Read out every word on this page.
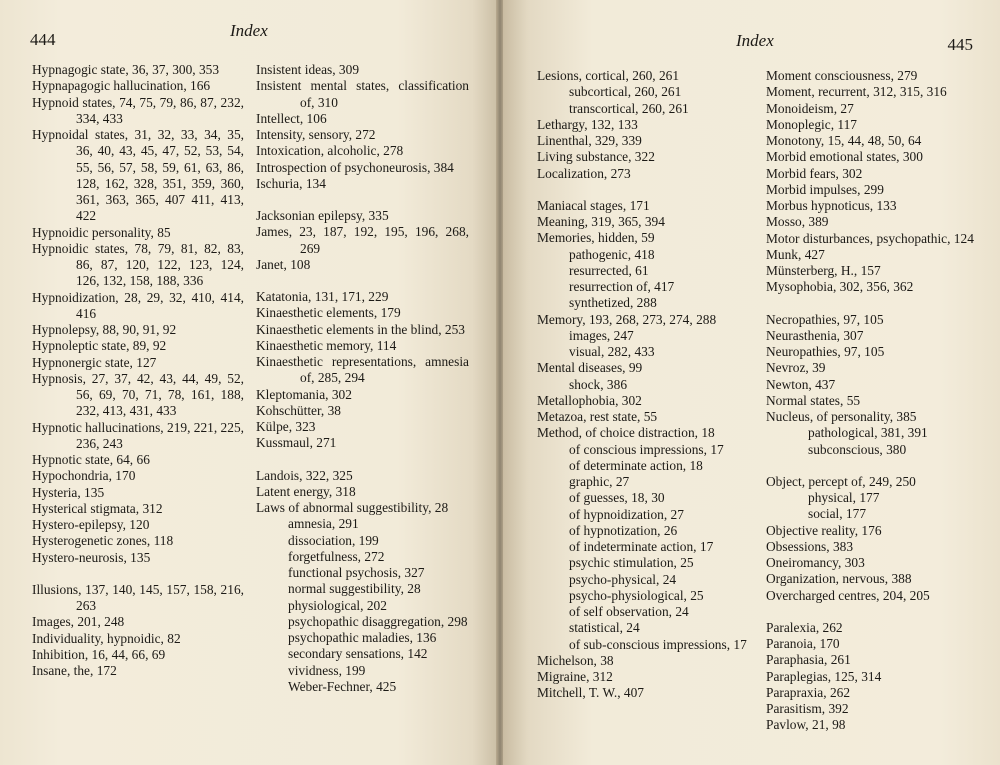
444	Index
Hypnagogic state, 36, 37, 300, 353
Hypnapagogic hallucination, 166
Hypnoid states, 74, 75, 79, 86, 87, 232, 334, 433
Hypnoidal states, 31, 32, 33, 34, 35, 36, 40, 43, 45, 47, 52, 53, 54, 55, 56, 57, 58, 59, 61, 63, 86, 128, 162, 328, 351, 359, 360, 361, 363, 365, 407 411, 413, 422
Hypnoidic personality, 85
Hypnoidic states, 78, 79, 81, 82, 83, 86, 87, 120, 122, 123, 124, 126, 132, 158, 188, 336
Hypnoidization, 28, 29, 32, 410, 414, 416
Hypnolepsy, 88, 90, 91, 92
Hypnoleptic state, 89, 92
Hypnonergic state, 127
Hypnosis, 27, 37, 42, 43, 44, 49, 52, 56, 69, 70, 71, 78, 161, 188, 232, 413, 431, 433
Hypnotic hallucinations, 219, 221, 225, 236, 243
Hypnotic state, 64, 66
Hypochondria, 170
Hysteria, 135
Hysterical stigmata, 312
Hystero-epilepsy, 120
Hysterogenetic zones, 118
Hystero-neurosis, 135
Illusions, 137, 140, 145, 157, 158, 216, 263
Images, 201, 248
Individuality, hypnoidic, 82
Inhibition, 16, 44, 66, 69
Insane, the, 172
Insistent ideas, 309
Insistent mental states, classification of, 310
Intellect, 106
Intensity, sensory, 272
Intoxication, alcoholic, 278
Introspection of psychoneurosis, 384
Ischuria, 134
Jacksonian epilepsy, 335
James, 23, 187, 192, 195, 196, 268, 269
Janet, 108
Katatonia, 131, 171, 229
Kinaesthetic elements, 179
Kinaesthetic elements in the blind, 253
Kinaesthetic memory, 114
Kinaesthetic representations, amnesia of, 285, 294
Kleptomania, 302
Kohschütter, 38
Külpe, 323
Kussmaul, 271
Landois, 322, 325
Latent energy, 318
Laws of abnormal suggestibility, 28
amnesia, 291
dissociation, 199
forgetfulness, 272
functional psychosis, 327
normal suggestibility, 28
physiological, 202
psychopathic disaggregation, 298
psychopathic maladies, 136
secondary sensations, 142
vividness, 199
Weber-Fechner, 425
445
Index
Lesions, cortical, 260, 261
subcortical, 260, 261
transcortical, 260, 261
Lethargy, 132, 133
Linenthal, 329, 339
Living substance, 322
Localization, 273
Maniacal stages, 171
Meaning, 319, 365, 394
Memories, hidden, 59
pathogenic, 418
resurrected, 61
resurrection of, 417
synthetized, 288
Memory, 193, 268, 273, 274, 288
images, 247
visual, 282, 433
Mental diseases, 99
shock, 386
Metallophobia, 302
Metazoa, rest state, 55
Method, of choice distraction, 18
of conscious impressions, 17
of determinate action, 18
graphic, 27
of guesses, 18, 30
of hypnoidization, 27
of hypnotization, 26
of indeterminate action, 17
psychic stimulation, 25
psycho-physical, 24
psycho-physiological, 25
of self observation, 24
statistical, 24
of sub-conscious impressions, 17
Michelson, 38
Migraine, 312
Mitchell, T. W., 407
Moment consciousness, 279
Moment, recurrent, 312, 315, 316
Monoideism, 27
Monoplegic, 117
Monotony, 15, 44, 48, 50, 64
Morbid emotional states, 300
Morbid fears, 302
Morbid impulses, 299
Morbus hypnoticus, 133
Mosso, 389
Motor disturbances, psychopathic, 124
Munk, 427
Münsterberg, H., 157
Mysophobia, 302, 356, 362
Necropathies, 97, 105
Neurasthenia, 307
Neuropathies, 97, 105
Nevroz, 39
Newton, 437
Normal states, 55
Nucleus, of personality, 385
pathological, 381, 391
subconscious, 380
Object, percept of, 249, 250
physical, 177
social, 177
Objective reality, 176
Obsessions, 383
Oneiromancy, 303
Organization, nervous, 388
Overcharged centres, 204, 205
Paralexia, 262
Paranoia, 170
Paraphasia, 261
Paraplegias, 125, 314
Parapraxia, 262
Parasitism, 392
Pavlow, 21, 98
